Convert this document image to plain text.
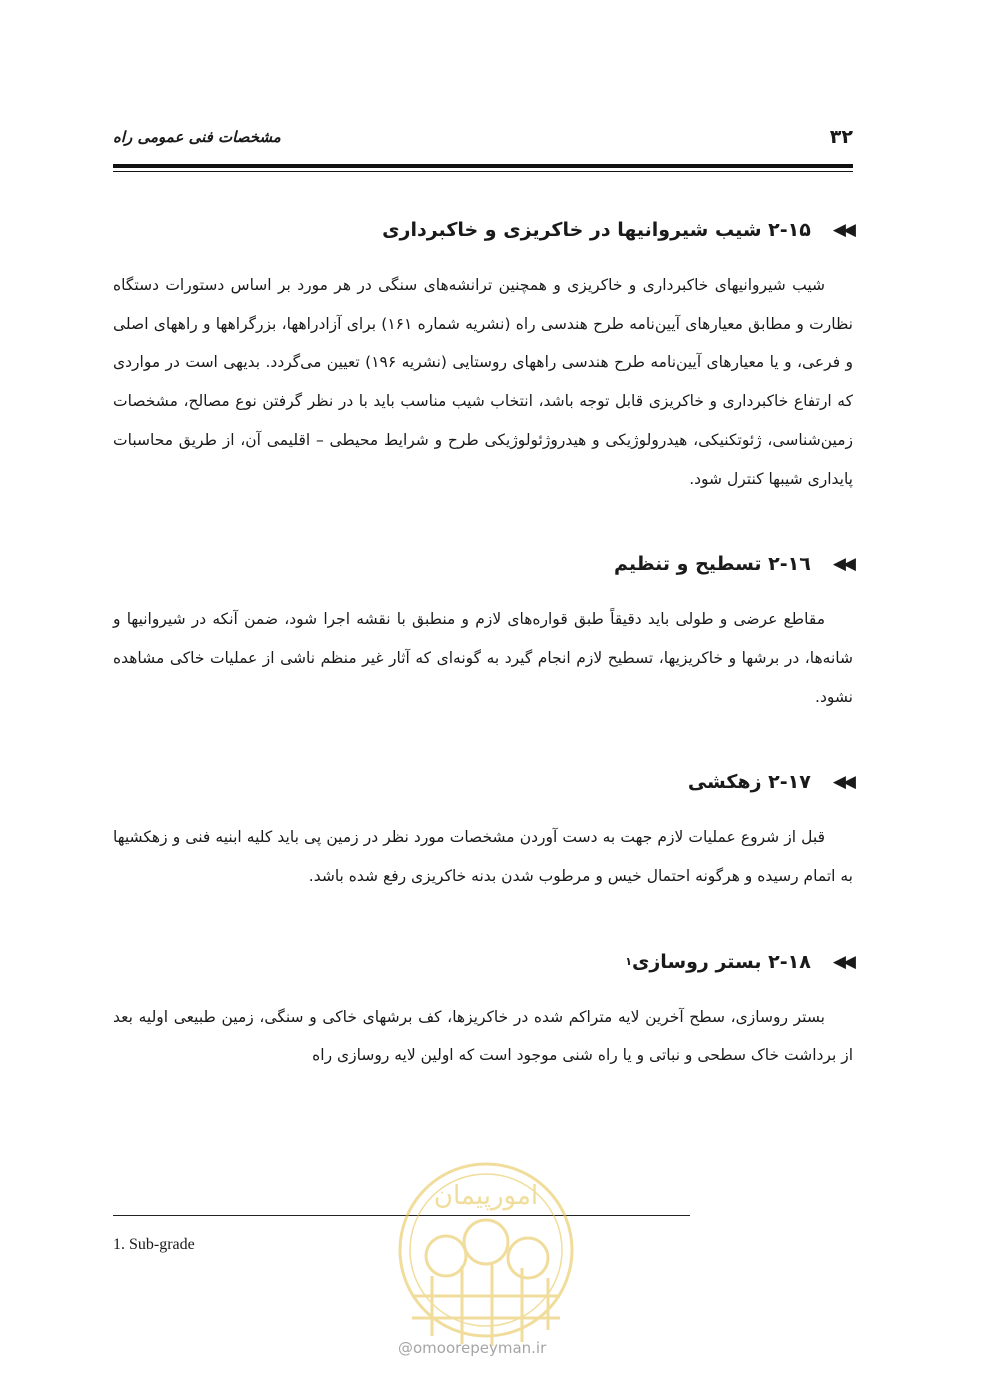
۳۲
مشخصات فنی عمومی راه
◀◀
۲-۱۵ شیب شیروانیها در خاکریزی و خاکبرداری

شیب شیروانیهای خاکبرداری و خاکریزی و همچنین ترانشه‌های سنگی در هر مورد بر اساس دستورات دستگاه نظارت و مطابق معیارهای آیین‌نامه طرح هندسی راه (نشریه شماره ۱۶۱) برای آزادراهها، بزرگراهها و راههای اصلی و فرعی، و یا معیارهای آیین‌نامه طرح هندسی راههای روستایی (نشریه ۱۹۶) تعیین می‌گردد. بدیهی است در مواردی که ارتفاع خاکبرداری و خاکریزی قابل توجه باشد، انتخاب شیب مناسب باید با در نظر گرفتن نوع مصالح، مشخصات زمین‌شناسی، ژئوتکنیکی، هیدرولوژیکی و هیدروژئولوژیکی طرح و شرایط محیطی – اقلیمی آن، از طریق محاسبات پایداری شیبها کنترل شود.

◀◀
۲-۱٦ تسطیح و تنظیم

مقاطع عرضی و طولی باید دقیقاً طبق قواره‌های لازم و منطبق با نقشه اجرا شود، ضمن آنکه در شیروانیها و شانه‌ها، در برشها و خاکریزیها، تسطیح لازم انجام گیرد به گونه‌ای که آثار غیر منظم ناشی از عملیات خاکی مشاهده نشود.

◀◀
۲-۱۷ زهکشی

قبل از شروع عملیات لازم جهت به دست آوردن مشخصات مورد نظر در زمین پی باید کلیه ابنیه فنی و زهکشیها به اتمام رسیده و هرگونه احتمال خیس و مرطوب شدن بدنه خاکریزی رفع شده باشد.

◀◀
۲-۱۸ بستر روسازی
۱

بستر روسازی، سطح آخرین لایه متراکم شده در خاکریزها، کف برشهای خاکی و سنگی، زمین طبیعی اولیه بعد از برداشت خاک سطحی و نباتی و یا راه شنی موجود است که اولین لایه روسازی راه

1. Sub-grade
امورپیمان
@omoorepeyman.ir
